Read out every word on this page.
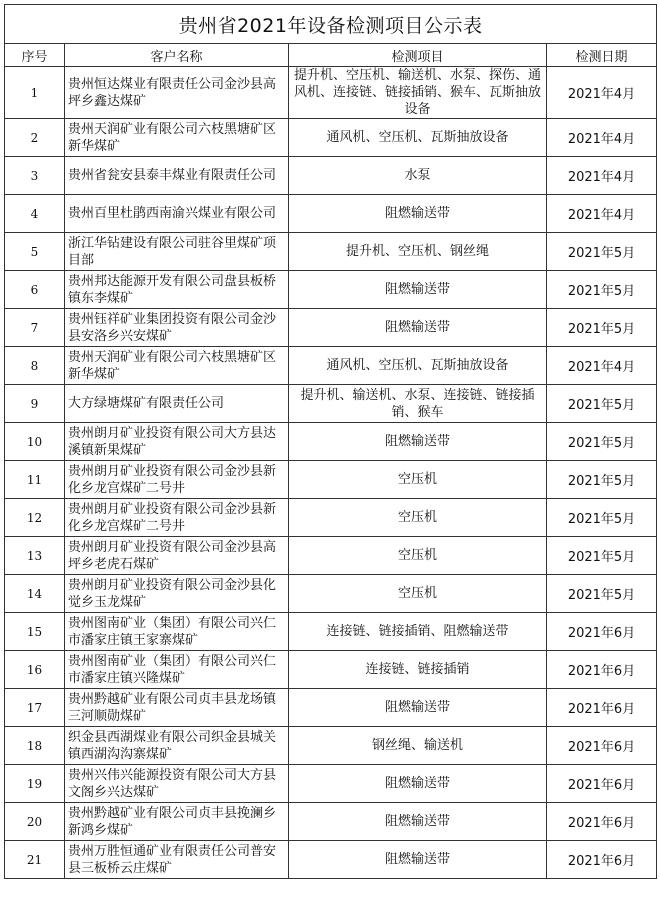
贵州省2021年设备检测项目公示表			
序号	客户名称	检测项目	检测日期
1	贵州恒达煤业有限责任公司金沙县高坪乡鑫达煤矿	提升机、空压机、输送机、水泵、探伤、通风机、连接链、链接插销、猴车、瓦斯抽放设备	2021年4月
2	贵州天润矿业有限公司六枝黑塘矿区新华煤矿	通风机、空压机、瓦斯抽放设备	2021年4月
3	贵州省瓮安县泰丰煤业有限责任公司	水泵	2021年4月
4	贵州百里杜鹃西南渝兴煤业有限公司	阻燃输送带	2021年4月
5	浙江华钻建设有限公司驻谷里煤矿项目部	提升机、空压机、钢丝绳	2021年5月
6	贵州邦达能源开发有限公司盘县板桥镇东李煤矿	阻燃输送带	2021年5月
7	贵州钰祥矿业集团投资有限公司金沙县安洛乡兴安煤矿	阻燃输送带	2021年5月
8	贵州天润矿业有限公司六枝黑塘矿区新华煤矿	通风机、空压机、瓦斯抽放设备	2021年4月
9	大方绿塘煤矿有限责任公司	提升机、输送机、水泵、连接链、链接插销、猴车	2021年5月
10	贵州朗月矿业投资有限公司大方县达溪镇新果煤矿	阻燃输送带	2021年5月
11	贵州朗月矿业投资有限公司金沙县新化乡龙宫煤矿二号井	空压机	2021年5月
12	贵州朗月矿业投资有限公司金沙县新化乡龙宫煤矿二号井	空压机	2021年5月
13	贵州朗月矿业投资有限公司金沙县高坪乡老虎石煤矿	空压机	2021年5月
14	贵州朗月矿业投资有限公司金沙县化觉乡玉龙煤矿	空压机	2021年5月
15	贵州图南矿业（集团）有限公司兴仁市潘家庄镇王家寨煤矿	连接链、链接插销、阻燃输送带	2021年6月
16	贵州图南矿业（集团）有限公司兴仁市潘家庄镇兴隆煤矿	连接链、链接插销	2021年6月
17	贵州黔越矿业有限公司贞丰县龙场镇三河顺勋煤矿	阻燃输送带	2021年6月
18	织金县西湖煤业有限公司织金县城关镇西湖沟沟寨煤矿	钢丝绳、输送机	2021年6月
19	贵州兴伟兴能源投资有限公司大方县文阁乡兴达煤矿	阻燃输送带	2021年6月
20	贵州黔越矿业有限公司贞丰县挽澜乡新鸿乡煤矿	阻燃输送带	2021年6月
21	贵州万胜恒通矿业有限责任公司普安县三板桥云庄煤矿	阻燃输送带	2021年6月
